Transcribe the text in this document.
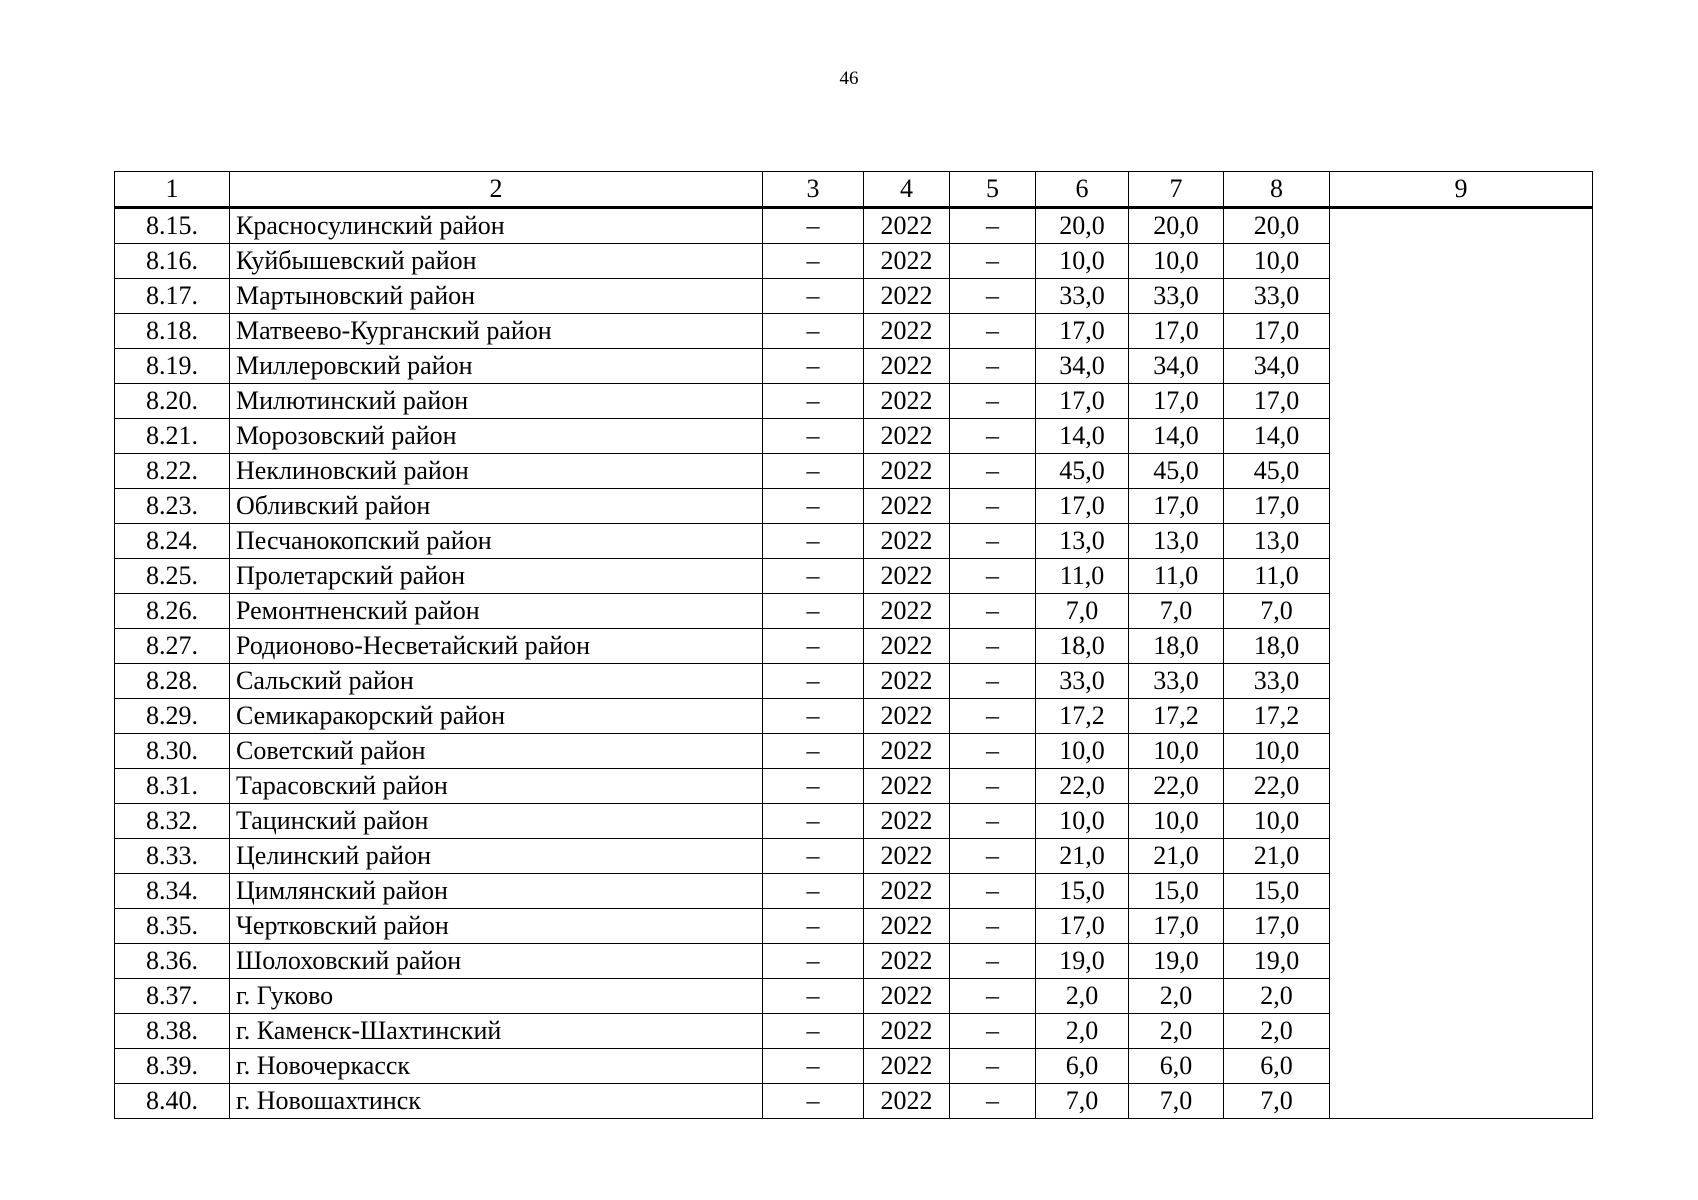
46
1	2	3	4	5	6	7	8	9
8.15.	Красносулинский район	–	2022	–	20,0	20,0	20,0	
8.16.	Куйбышевский район	–	2022	–	10,0	10,0	10,0	
8.17.	Мартыновский район	–	2022	–	33,0	33,0	33,0	
8.18.	Матвеево-Курганский район	–	2022	–	17,0	17,0	17,0	
8.19.	Миллеровский район	–	2022	–	34,0	34,0	34,0	
8.20.	Милютинский район	–	2022	–	17,0	17,0	17,0	
8.21.	Морозовский район	–	2022	–	14,0	14,0	14,0	
8.22.	Неклиновский район	–	2022	–	45,0	45,0	45,0	
8.23.	Обливский район	–	2022	–	17,0	17,0	17,0	
8.24.	Песчанокопский район	–	2022	–	13,0	13,0	13,0	
8.25.	Пролетарский район	–	2022	–	11,0	11,0	11,0	
8.26.	Ремонтненский район	–	2022	–	7,0	7,0	7,0	
8.27.	Родионово-Несветайский район	–	2022	–	18,0	18,0	18,0	
8.28.	Сальский район	–	2022	–	33,0	33,0	33,0	
8.29.	Семикаракорский район	–	2022	–	17,2	17,2	17,2	
8.30.	Советский район	–	2022	–	10,0	10,0	10,0	
8.31.	Тарасовский район	–	2022	–	22,0	22,0	22,0	
8.32.	Тацинский район	–	2022	–	10,0	10,0	10,0	
8.33.	Целинский район	–	2022	–	21,0	21,0	21,0	
8.34.	Цимлянский район	–	2022	–	15,0	15,0	15,0	
8.35.	Чертковский район	–	2022	–	17,0	17,0	17,0	
8.36.	Шолоховский район	–	2022	–	19,0	19,0	19,0	
8.37.	г. Гуково	–	2022	–	2,0	2,0	2,0	
8.38.	г. Каменск-Шахтинский	–	2022	–	2,0	2,0	2,0	
8.39.	г. Новочеркасск	–	2022	–	6,0	6,0	6,0	
8.40.	г. Новошахтинск	–	2022	–	7,0	7,0	7,0	
